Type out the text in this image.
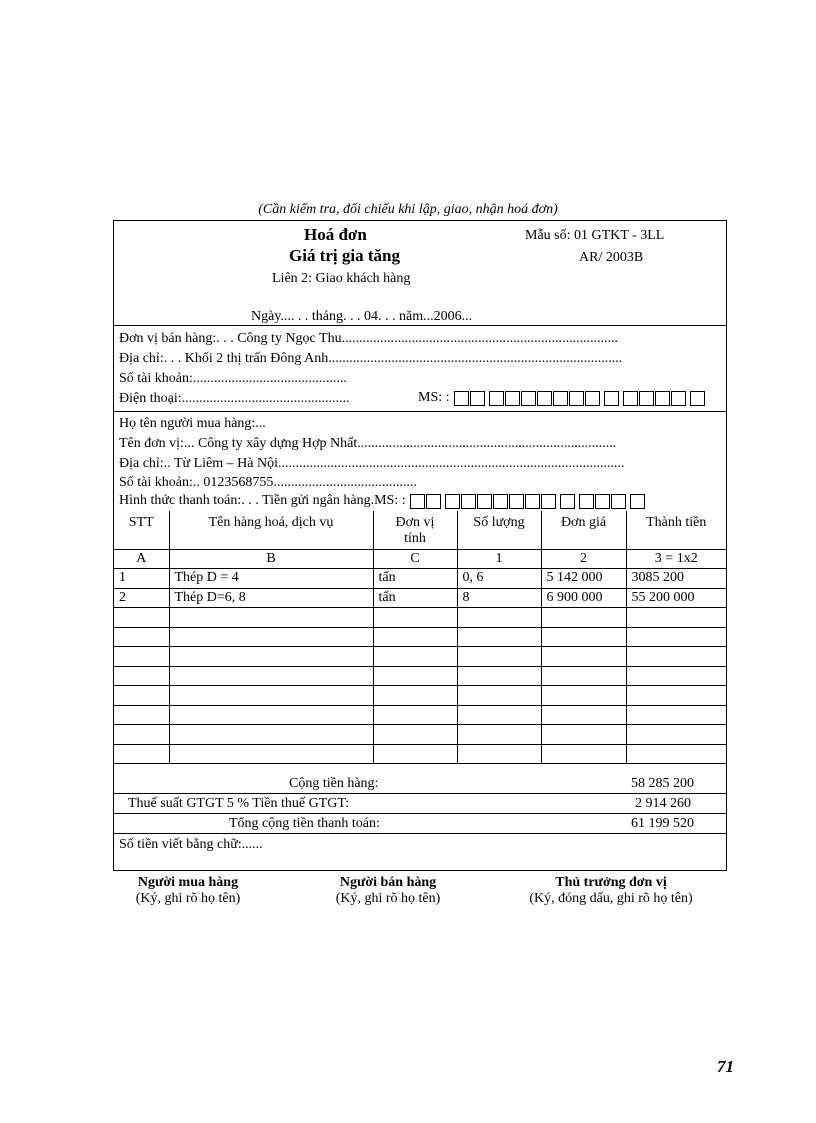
(Cần kiểm tra, đối chiếu khi lập, giao, nhận hoá đơn)
Hoá đơn
Giá trị gia tăng
Liên 2: Giao khách hàng
Mẫu số: 01 GTKT - 3LL
AR/ 2003B
Ngày.... . . tháng. . . 04. . . năm...2006...
Đơn vị bán hàng:. . . Công ty Ngọc Thu...............................................................................
Địa chỉ:. . . Khối 2 thị trấn Đông Anh....................................................................................
Số tài khoản:............................................
Điện thoại:................................................	MS: :
Họ tên người mua hàng:...
Tên đơn vị:... Công ty xây dựng Hợp Nhất..........................................................................
Địa chỉ:.. Từ Liêm – Hà Nội...................................................................................................
Số tài khoản:.. 0123568755.........................................
Hình thức thanh toán:. . . Tiền gửi ngân hàng.MS: :
STT	Tên hàng hoá, dịch vụ	Đơn vị tính	Số lượng	Đơn giá	Thành tiền
A	B	C	1	2	3 = 1x2
1	Thép D = 4	tấn	0, 6	5 142 000	3085 200
2	Thép D=6, 8	tấn	8	6 900 000	55 200 000

Cộng tiền hàng:	58 285 200
Thuế suất GTGT 5 % Tiền thuế GTGT:	2 914 260
Tổng cộng tiền thanh toán:	61 199 520
Số tiền viết bằng chữ:......
Người mua hàng
(Ký, ghi rõ họ tên)
Người bán hàng
(Ký, ghi rõ họ tên)
Thủ trưởng đơn vị
(Ký, đóng dấu, ghi rõ họ tên)
71
